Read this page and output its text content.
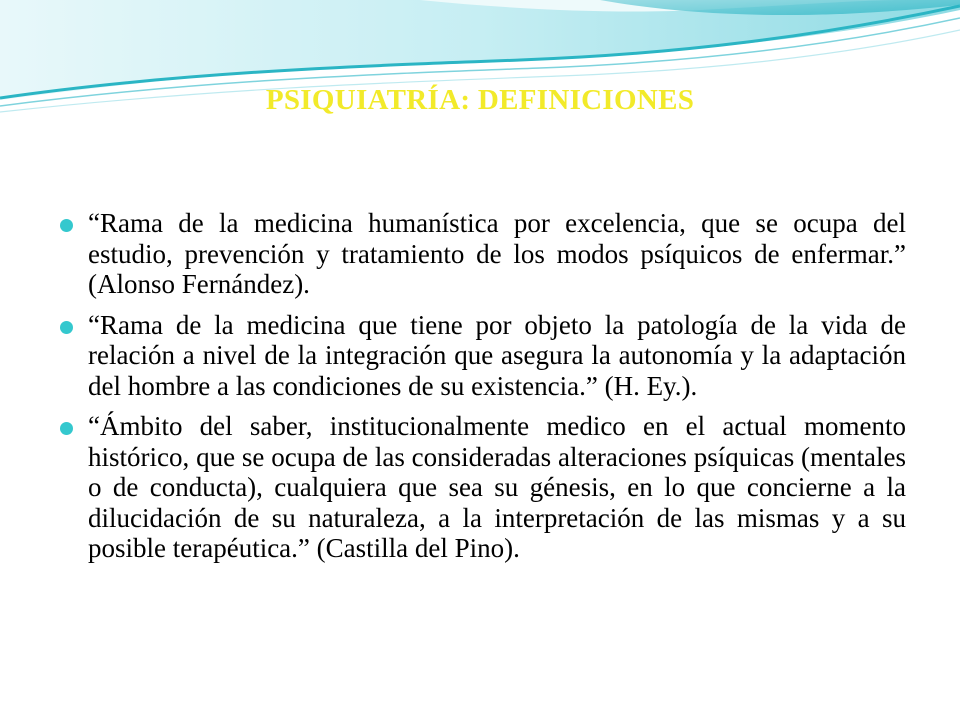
PSIQUIATRÍA: DEFINICIONES
“Rama de la medicina humanística por excelencia, que se ocupa del estudio, prevención y tratamiento de los modos psíquicos de enfermar.” (Alonso Fernández).
“Rama de la medicina que tiene por objeto la patología de la vida de relación a nivel de la integración que asegura la autonomía y la adaptación del hombre a las condiciones de su existencia.” (H. Ey.).
“Ámbito del saber, institucionalmente medico en el actual momento histórico, que se ocupa de las consideradas alteraciones psíquicas (mentales o de conducta), cualquiera que sea su génesis, en lo que concierne a la dilucidación de su naturaleza, a la interpretación de las mismas y a su posible terapéutica.” (Castilla del Pino).
